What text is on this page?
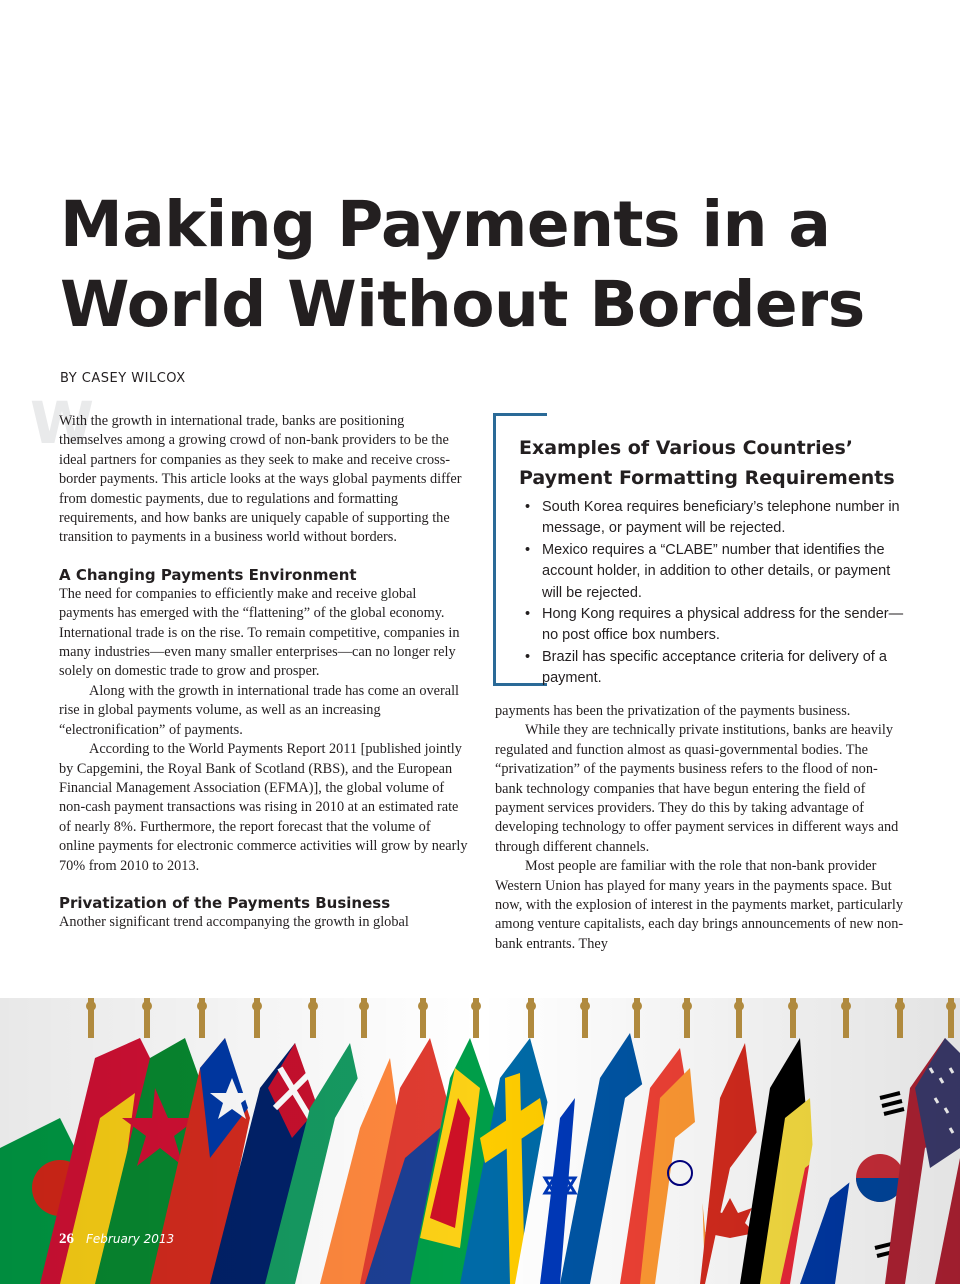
Making Payments in a
World Without Borders
BY CASEY WILCOX
W

With the growth in international trade, banks are positioning themselves among a growing crowd of non-bank providers to be the ideal partners for companies as they seek to make and receive cross-border payments. This article looks at the ways global payments differ from domestic payments, due to regulations and formatting requirements, and how banks are uniquely capable of supporting the transition to payments in a business world without borders.

A Changing Payments Environment

The need for companies to efficiently make and receive global payments has emerged with the “flattening” of the global economy. International trade is on the rise. To remain competitive, companies in many industries—even many smaller enterprises—can no longer rely solely on domestic trade to grow and prosper.

Along with the growth in international trade has come an overall rise in global payments volume, as well as an increasing “electronification” of payments.

According to the World Payments Report 2011 [published jointly by Capgemini, the Royal Bank of Scotland (RBS), and the European Financial Management Association (EFMA)], the global volume of non-cash payment transactions was rising in 2010 at an estimated rate of nearly 8%. Furthermore, the report forecast that the volume of online payments for electronic commerce activities will grow by nearly 70% from 2010 to 2013.

Privatization of the Payments Business

Another significant trend accompanying the growth in global

Examples of Various Countries’
Payment Formatting Requirements
• South Korea requires beneficiary’s telephone number in message, or payment will be rejected.
• Mexico requires a “CLABE” number that identifies the account holder, in addition to other details, or payment will be rejected.
• Hong Kong requires a physical address for the sender—no post office box numbers.
• Brazil has specific acceptance criteria for delivery of a payment.

payments has been the privatization of the payments business.

While they are technically private institutions, banks are heavily regulated and function almost as quasi-governmental bodies. The “privatization” of the payments business refers to the flood of non-bank technology companies that have begun entering the field of payment services providers. They do this by taking advantage of developing technology to offer payment services in different ways and through different channels.

Most people are familiar with the role that non-bank provider Western Union has played for many years in the payments space. But now, with the explosion of interest in the payments market, particularly among venture capitalists, each day brings announcements of new non-bank entrants. They

26 February 2013
